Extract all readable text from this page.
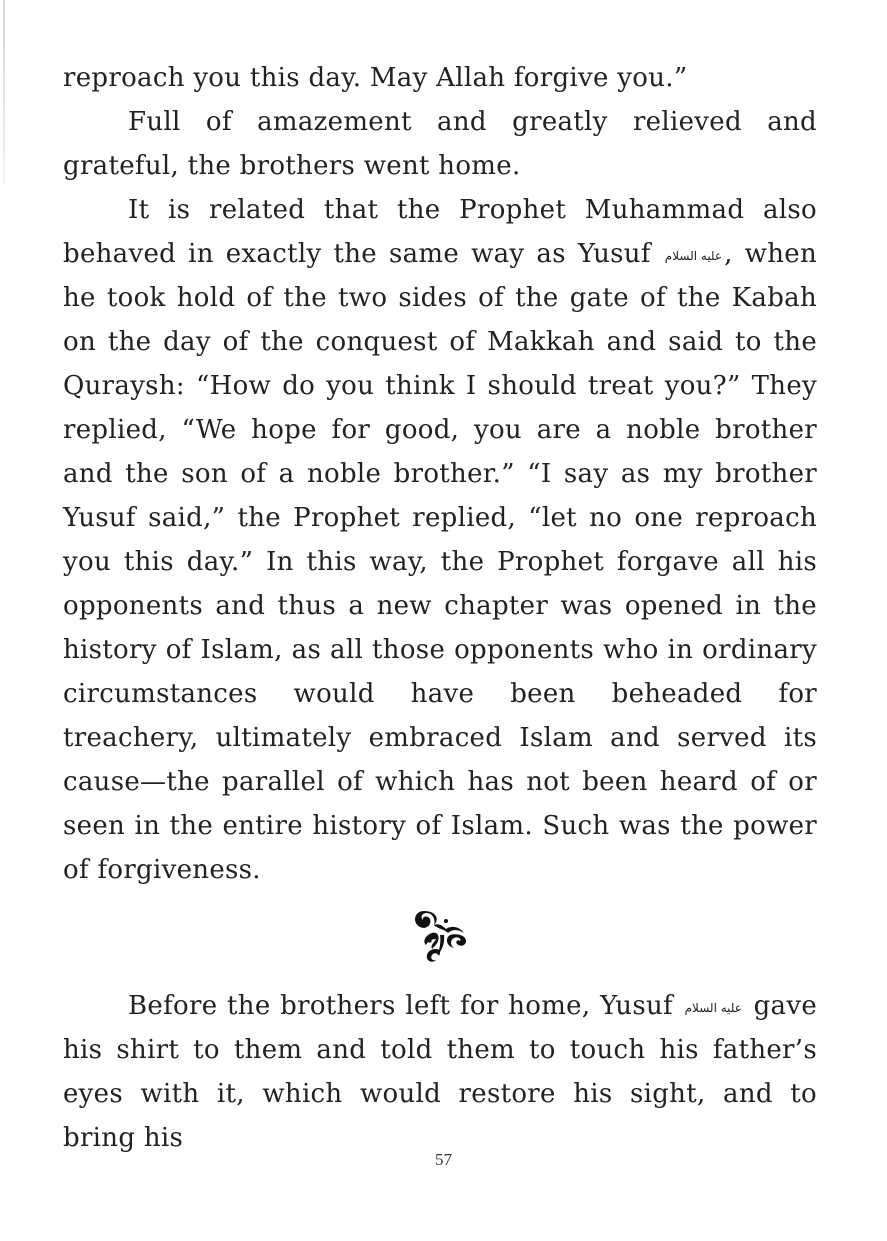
reproach you this day. May Allah forgive you.”

Full of amazement and greatly relieved and grateful, the brothers went home.

It is related that the Prophet Muhammad also behaved in exactly the same way as Yusuf عليه السلام, when he took hold of the two sides of the gate of the Kabah on the day of the conquest of Makkah and said to the Quraysh: “How do you think I should treat you?” They replied, “We hope for good, you are a noble brother and the son of a noble brother.” “I say as my brother Yusuf said,” the Prophet replied, “let no one reproach you this day.” In this way, the Prophet forgave all his opponents and thus a new chapter was opened in the history of Islam, as all those opponents who in ordinary circumstances would have been beheaded for treachery, ultimately embraced Islam and served its cause—the parallel of which has not been heard of or seen in the entire history of Islam. Such was the power of forgiveness.

Before the brothers left for home, Yusuf عليه السلام gave his shirt to them and told them to touch his father’s eyes with it, which would restore his sight, and to bring his

57
